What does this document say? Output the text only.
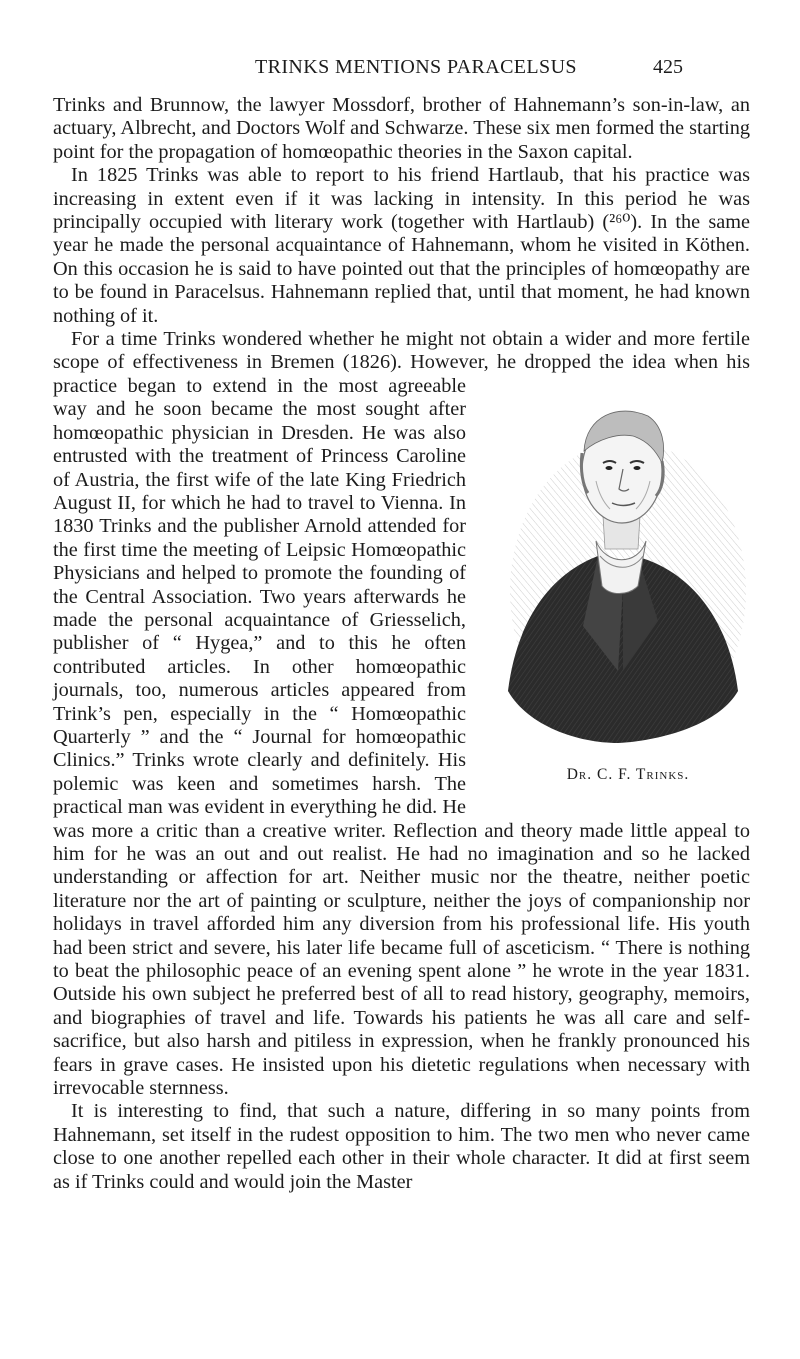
TRINKS MENTIONS PARACELSUS	425

Trinks and Brunnow, the lawyer Mossdorf, brother of Hahnemann’s son-in-law, an actuary, Albrecht, and Doctors Wolf and Schwarze. These six men formed the starting point for the propagation of homœopathic theories in the Saxon capital.

In 1825 Trinks was able to report to his friend Hartlaub, that his practice was increasing in extent even if it was lacking in intensity. In this period he was principally occupied with literary work (together with Hartlaub) (²⁶⁰). In the same year he made the personal acquaintance of Hahnemann, whom he visited in Köthen. On this occasion he is said to have pointed out that the principles of homœopathy are to be found in Paracelsus. Hahnemann replied that, until that moment, he had known nothing of it.

For a time Trinks wondered whether he might not obtain a wider and more fertile scope of effectiveness in Bremen (1826). However, he dropped the
Dr. C. F. Trinks.
idea when his practice began to extend in the most agreeable way and he soon became the most sought after homœopathic physician in Dresden. He was also entrusted with the treatment of Princess Caroline of Austria, the first wife of the late King Friedrich August II, for which he had to travel to Vienna. In 1830 Trinks and the publisher Arnold attended for the first time the meeting of Leipsic Homœopathic Physicians and helped to promote the founding of the Central Association. Two years afterwards he made the personal acquaintance of Griesselich, publisher of “ Hygea,” and to this he often contributed articles. In other homœopathic journals, too, numerous articles appeared from Trink’s pen, especially in the “ Homœopathic Quarterly ” and the “ Journal for homœopathic Clinics.” Trinks wrote clearly and definitely. His polemic was keen and sometimes harsh. The practical man was evident in everything he did. He was more a critic than a creative writer. Reflection and theory made little appeal to him for he was an out and out realist. He had no imagination and so he lacked understanding or affection for art. Neither music nor the theatre, neither poetic literature nor the art of painting or sculpture, neither the joys of companionship nor holidays in travel afforded him any diversion from his professional life. His youth had been strict and severe, his later life became full of asceticism. “ There is nothing to beat the philosophic peace of an evening spent alone ” he wrote in the year 1831. Outside his own subject he preferred best of all to read history, geography, memoirs, and biographies of travel and life. Towards his patients he was all care and self-sacrifice, but also harsh and pitiless in expression, when he frankly pronounced his fears in grave cases. He insisted upon his dietetic regulations when necessary with irrevocable sternness.

It is interesting to find, that such a nature, differing in so many points from Hahnemann, set itself in the rudest opposition to him. The two men who never came close to one another repelled each other in their whole character. It did at first seem as if Trinks could and would join the Master
